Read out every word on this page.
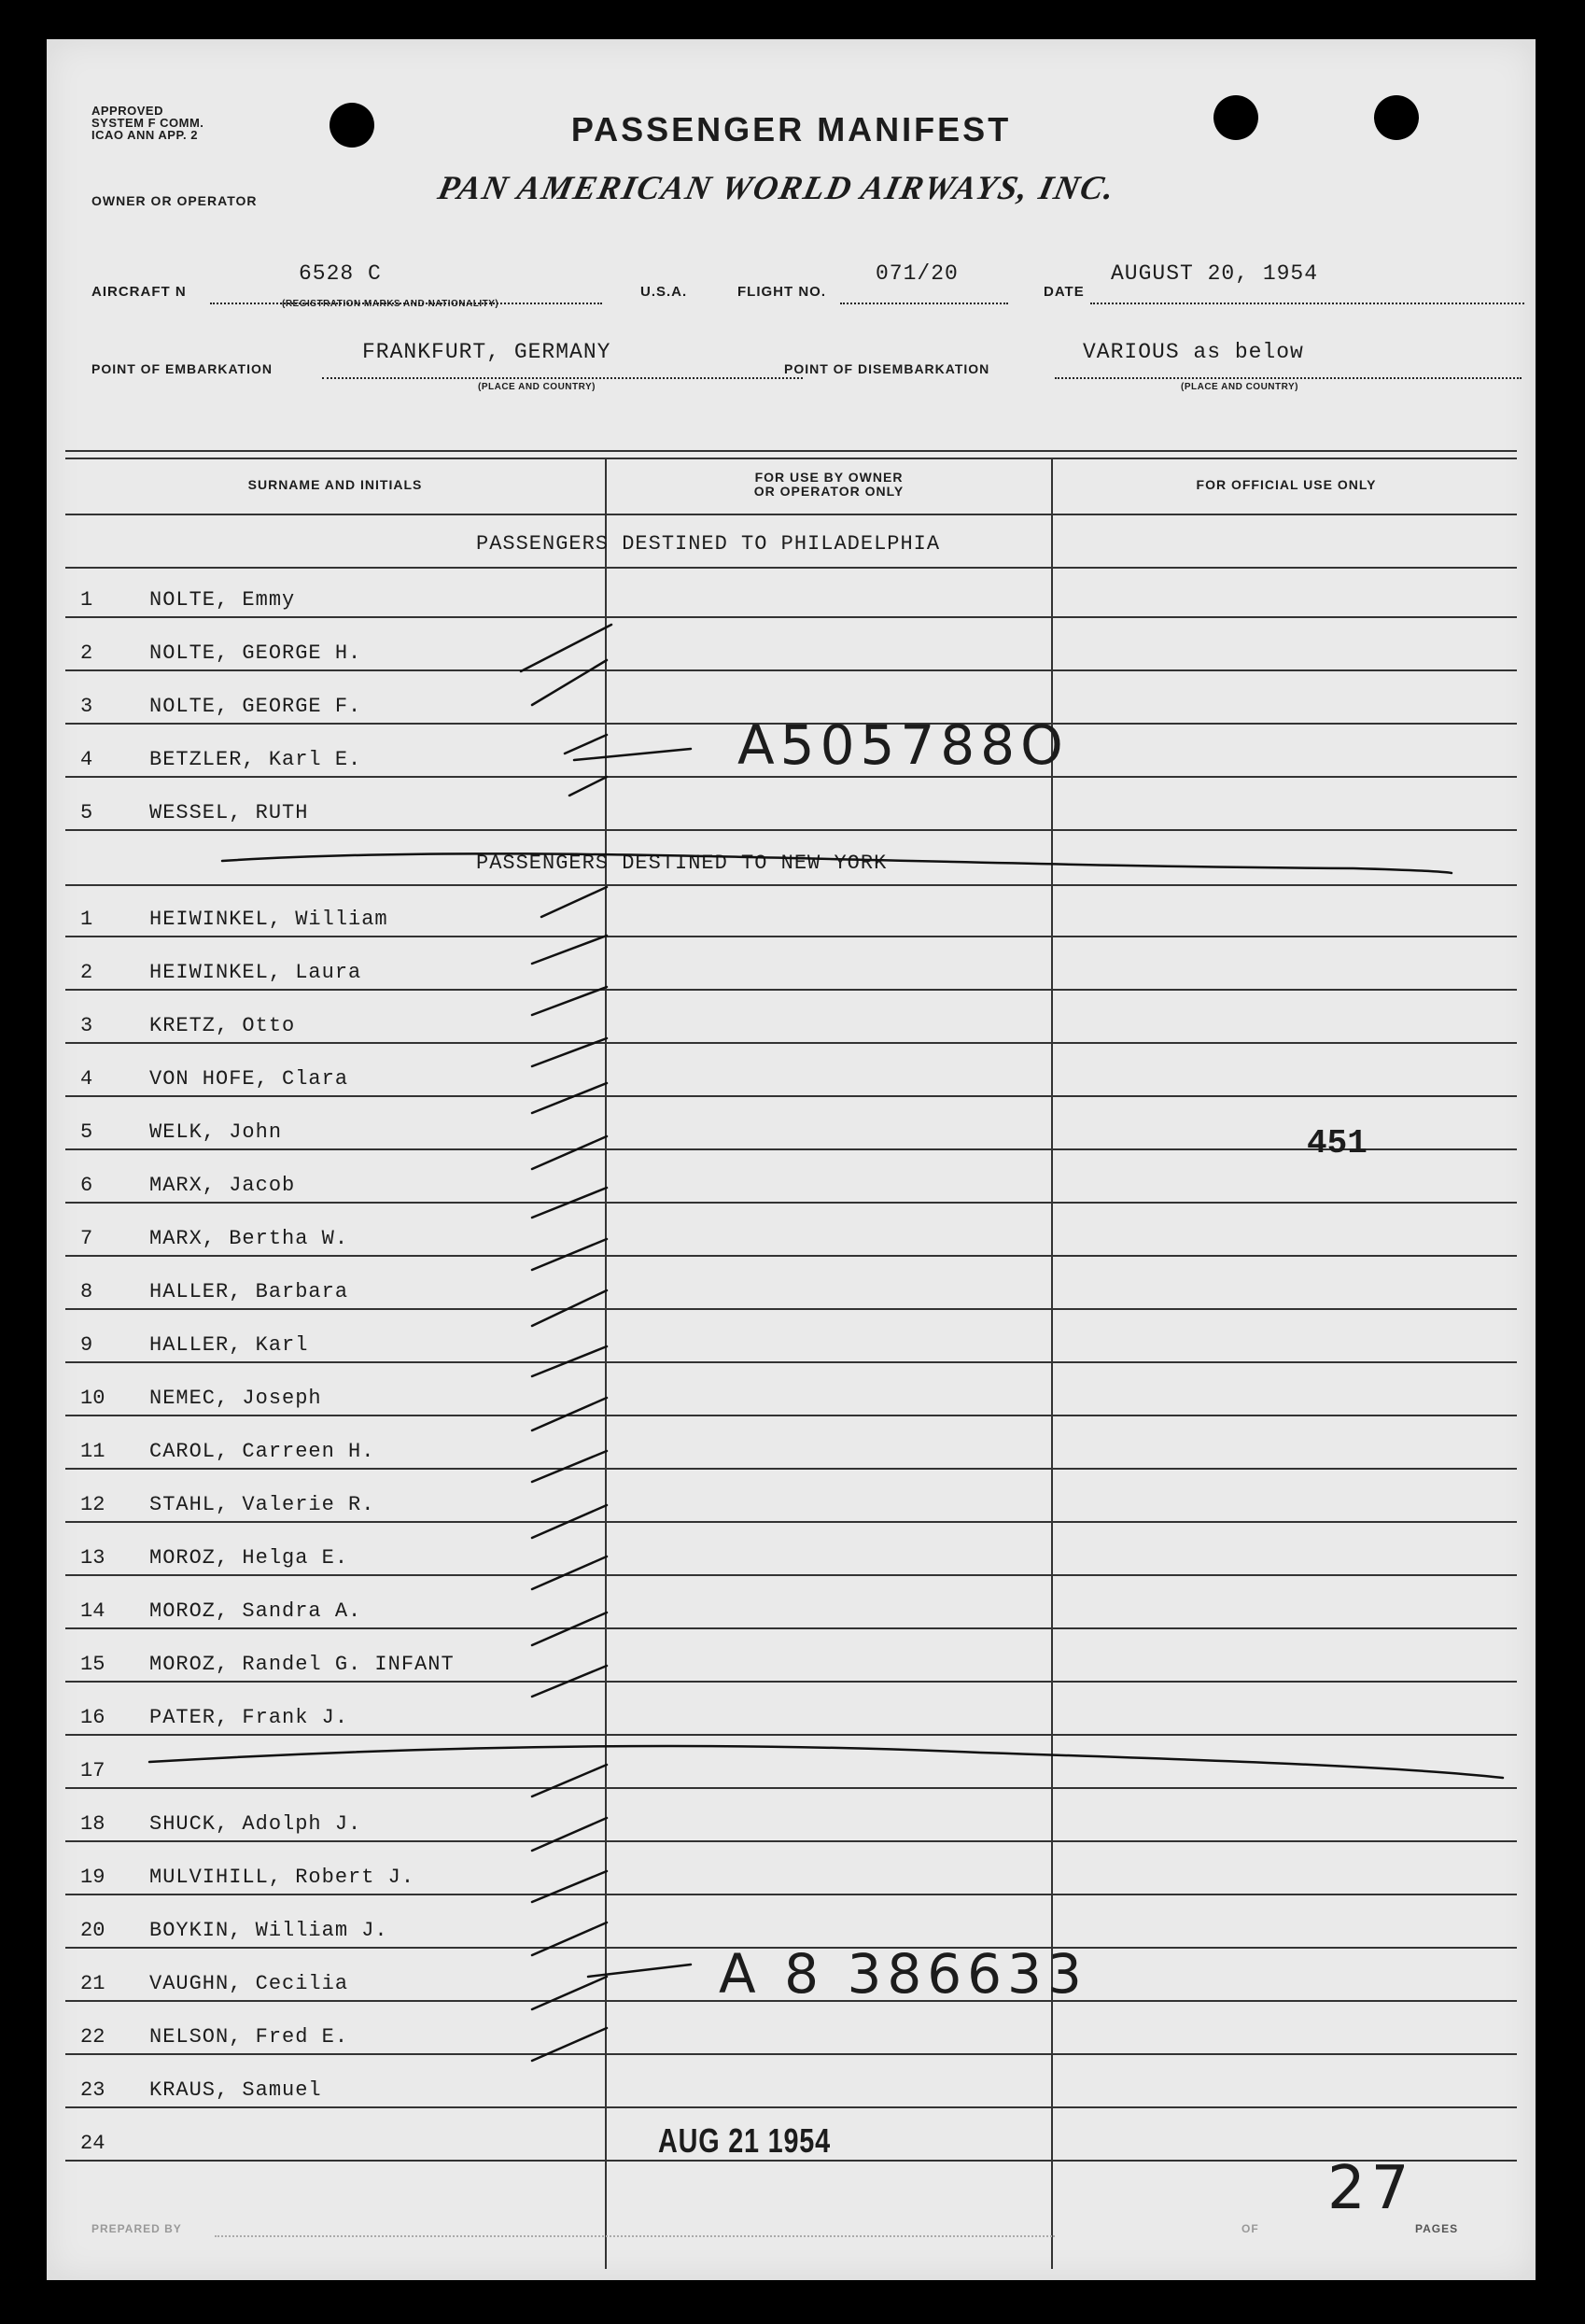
APPROVED
SYSTEM F COMM.
ICAO ANN APP. 2	PASSENGER MANIFEST
OWNER OR OPERATOR	PAN AMERICAN WORLD AIRWAYS, INC.
AIRCRAFT N
6528 C
(REGISTRATION MARKS AND NATIONALITY)
U.S.A.	FLIGHT NO.
071/20
DATE
AUGUST 20, 1954
POINT OF EMBARKATION
FRANKFURT, GERMANY
(PLACE AND COUNTRY)
POINT OF DISEMBARKATION
VARIOUS as below
(PLACE AND COUNTRY)
SURNAME AND INITIALS	FOR USE BY OWNER
OR OPERATOR ONLY	FOR OFFICIAL USE ONLY
1	NOLTE, Emmy
2	NOLTE, GEORGE H.
3	NOLTE, GEORGE F.
4	BETZLER, Karl E.
5	WESSEL, RUTH
1	HEIWINKEL, William
2	HEIWINKEL, Laura
3	KRETZ, Otto
4	VON HOFE, Clara
5	WELK, John
6	MARX, Jacob
7	MARX, Bertha W.
8	HALLER, Barbara
9	HALLER, Karl
10	NEMEC, Joseph
11	CAROL, Carreen H.
12	STAHL, Valerie R.
13	MOROZ, Helga E.
14	MOROZ, Sandra A.
15	MOROZ, Randel G. INFANT
16	PATER, Frank J.
17
18	SHUCK, Adolph J.
19	MULVIHILL, Robert J.
20	BOYKIN, William J.
21	VAUGHN, Cecilia
22	NELSON, Fred E.
23	KRAUS, Samuel
24
PASSENGERS DESTINED TO PHILADELPHIA
PASSENGERS DESTINED TO NEW YORK
A505788O
A 8 386633
451
AUG 21 1954
27
PREPARED BY	OF	PAGES
